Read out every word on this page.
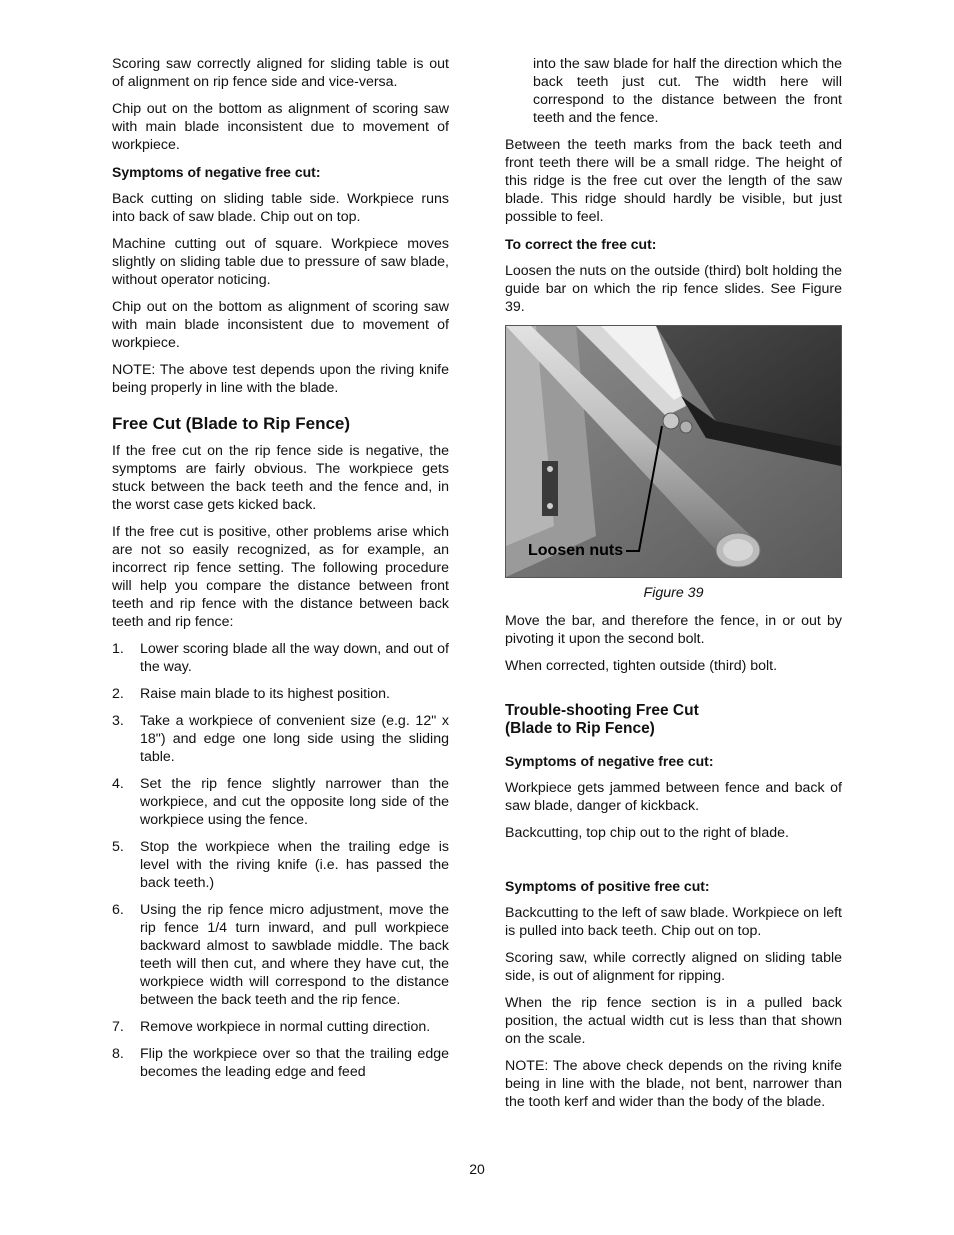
Scoring saw correctly aligned for sliding table is out of alignment on rip fence side and vice-versa.

Chip out on the bottom as alignment of scoring saw with main blade inconsistent due to movement of workpiece.

Symptoms of negative free cut:

Back cutting on sliding table side. Workpiece runs into back of saw blade. Chip out on top.

Machine cutting out of square. Workpiece moves slightly on sliding table due to pressure of saw blade, without operator noticing.

Chip out on the bottom as alignment of scoring saw with main blade inconsistent due to movement of workpiece.

NOTE: The above test depends upon the riving knife being properly in line with the blade.

Free Cut (Blade to Rip Fence)

If the free cut on the rip fence side is negative, the symptoms are fairly obvious. The workpiece gets stuck between the back teeth and the fence and, in the worst case gets kicked back.

If the free cut is positive, other problems arise which are not so easily recognized, as for example, an incorrect rip fence setting. The following procedure will help you compare the distance between front teeth and rip fence with the distance between back teeth and rip fence:

1. Lower scoring blade all the way down, and out of the way.
2. Raise main blade to its highest position.
3. Take a workpiece of convenient size (e.g. 12" x 18") and edge one long side using the sliding table.
4. Set the rip fence slightly narrower than the workpiece, and cut the opposite long side of the workpiece using the fence.
5. Stop the workpiece when the trailing edge is level with the riving knife (i.e. has passed the back teeth.)
6. Using the rip fence micro adjustment, move the rip fence 1/4 turn inward, and pull workpiece backward almost to sawblade middle. The back teeth will then cut, and where they have cut, the workpiece width will correspond to the distance between the back teeth and the rip fence.
7. Remove workpiece in normal cutting direction.
8. Flip the workpiece over so that the trailing edge becomes the leading edge and feed
into the saw blade for half the direction which the back teeth just cut. The width here will correspond to the distance between the front teeth and the fence.

Between the teeth marks from the back teeth and front teeth there will be a small ridge. The height of this ridge is the free cut over the length of the saw blade. This ridge should hardly be visible, but just possible to feel.

To correct the free cut:

Loosen the nuts on the outside (third) bolt holding the guide bar on which the rip fence slides. See Figure 39.

Loosen nuts
Figure 39

Move the bar, and therefore the fence, in or out by pivoting it upon the second bolt.

When corrected, tighten outside (third) bolt.

Trouble-shooting Free Cut
(Blade to Rip Fence)
Symptoms of negative free cut:

Workpiece gets jammed between fence and back of saw blade, danger of kickback.

Backcutting, top chip out to the right of blade.

Symptoms of positive free cut:

Backcutting to the left of saw blade. Workpiece on left is pulled into back teeth. Chip out on top.

Scoring saw, while correctly aligned on sliding table side, is out of alignment for ripping.

When the rip fence section is in a pulled back position, the actual width cut is less than that shown on the scale.

NOTE: The above check depends on the riving knife being in line with the blade, not bent, narrower than the tooth kerf and wider than the body of the blade.

20
